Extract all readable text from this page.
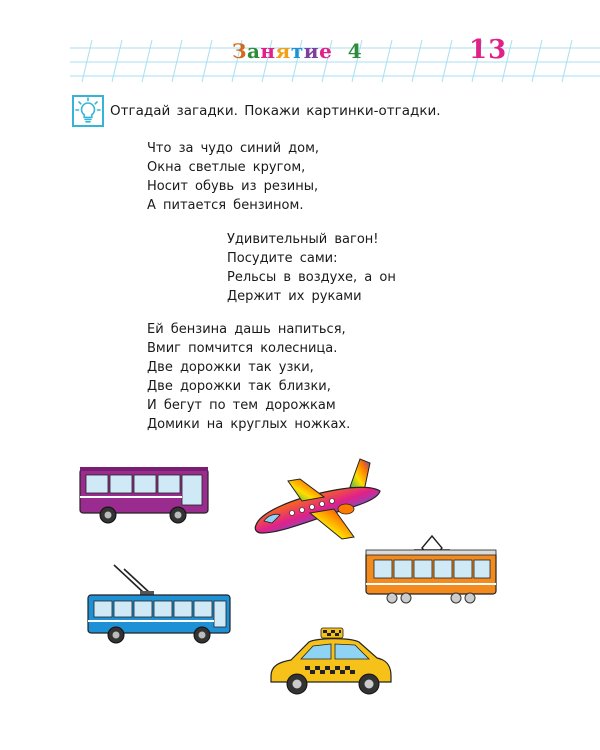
Занятие 4	13
Отгадай загадки. Покажи картинки-отгадки.
Что за чудо синий дом,
Окна светлые кругом,
Носит обувь из резины,
А питается бензином.
Удивительный вагон!
Посудите сами:
Рельсы в воздухе, а он
Держит их руками
Ей бензина дашь напиться,
Вмиг помчится колесница.
Две дорожки так узки,
Две дорожки так близки,
И бегут по тем дорожкам
Домики на круглых ножках.
